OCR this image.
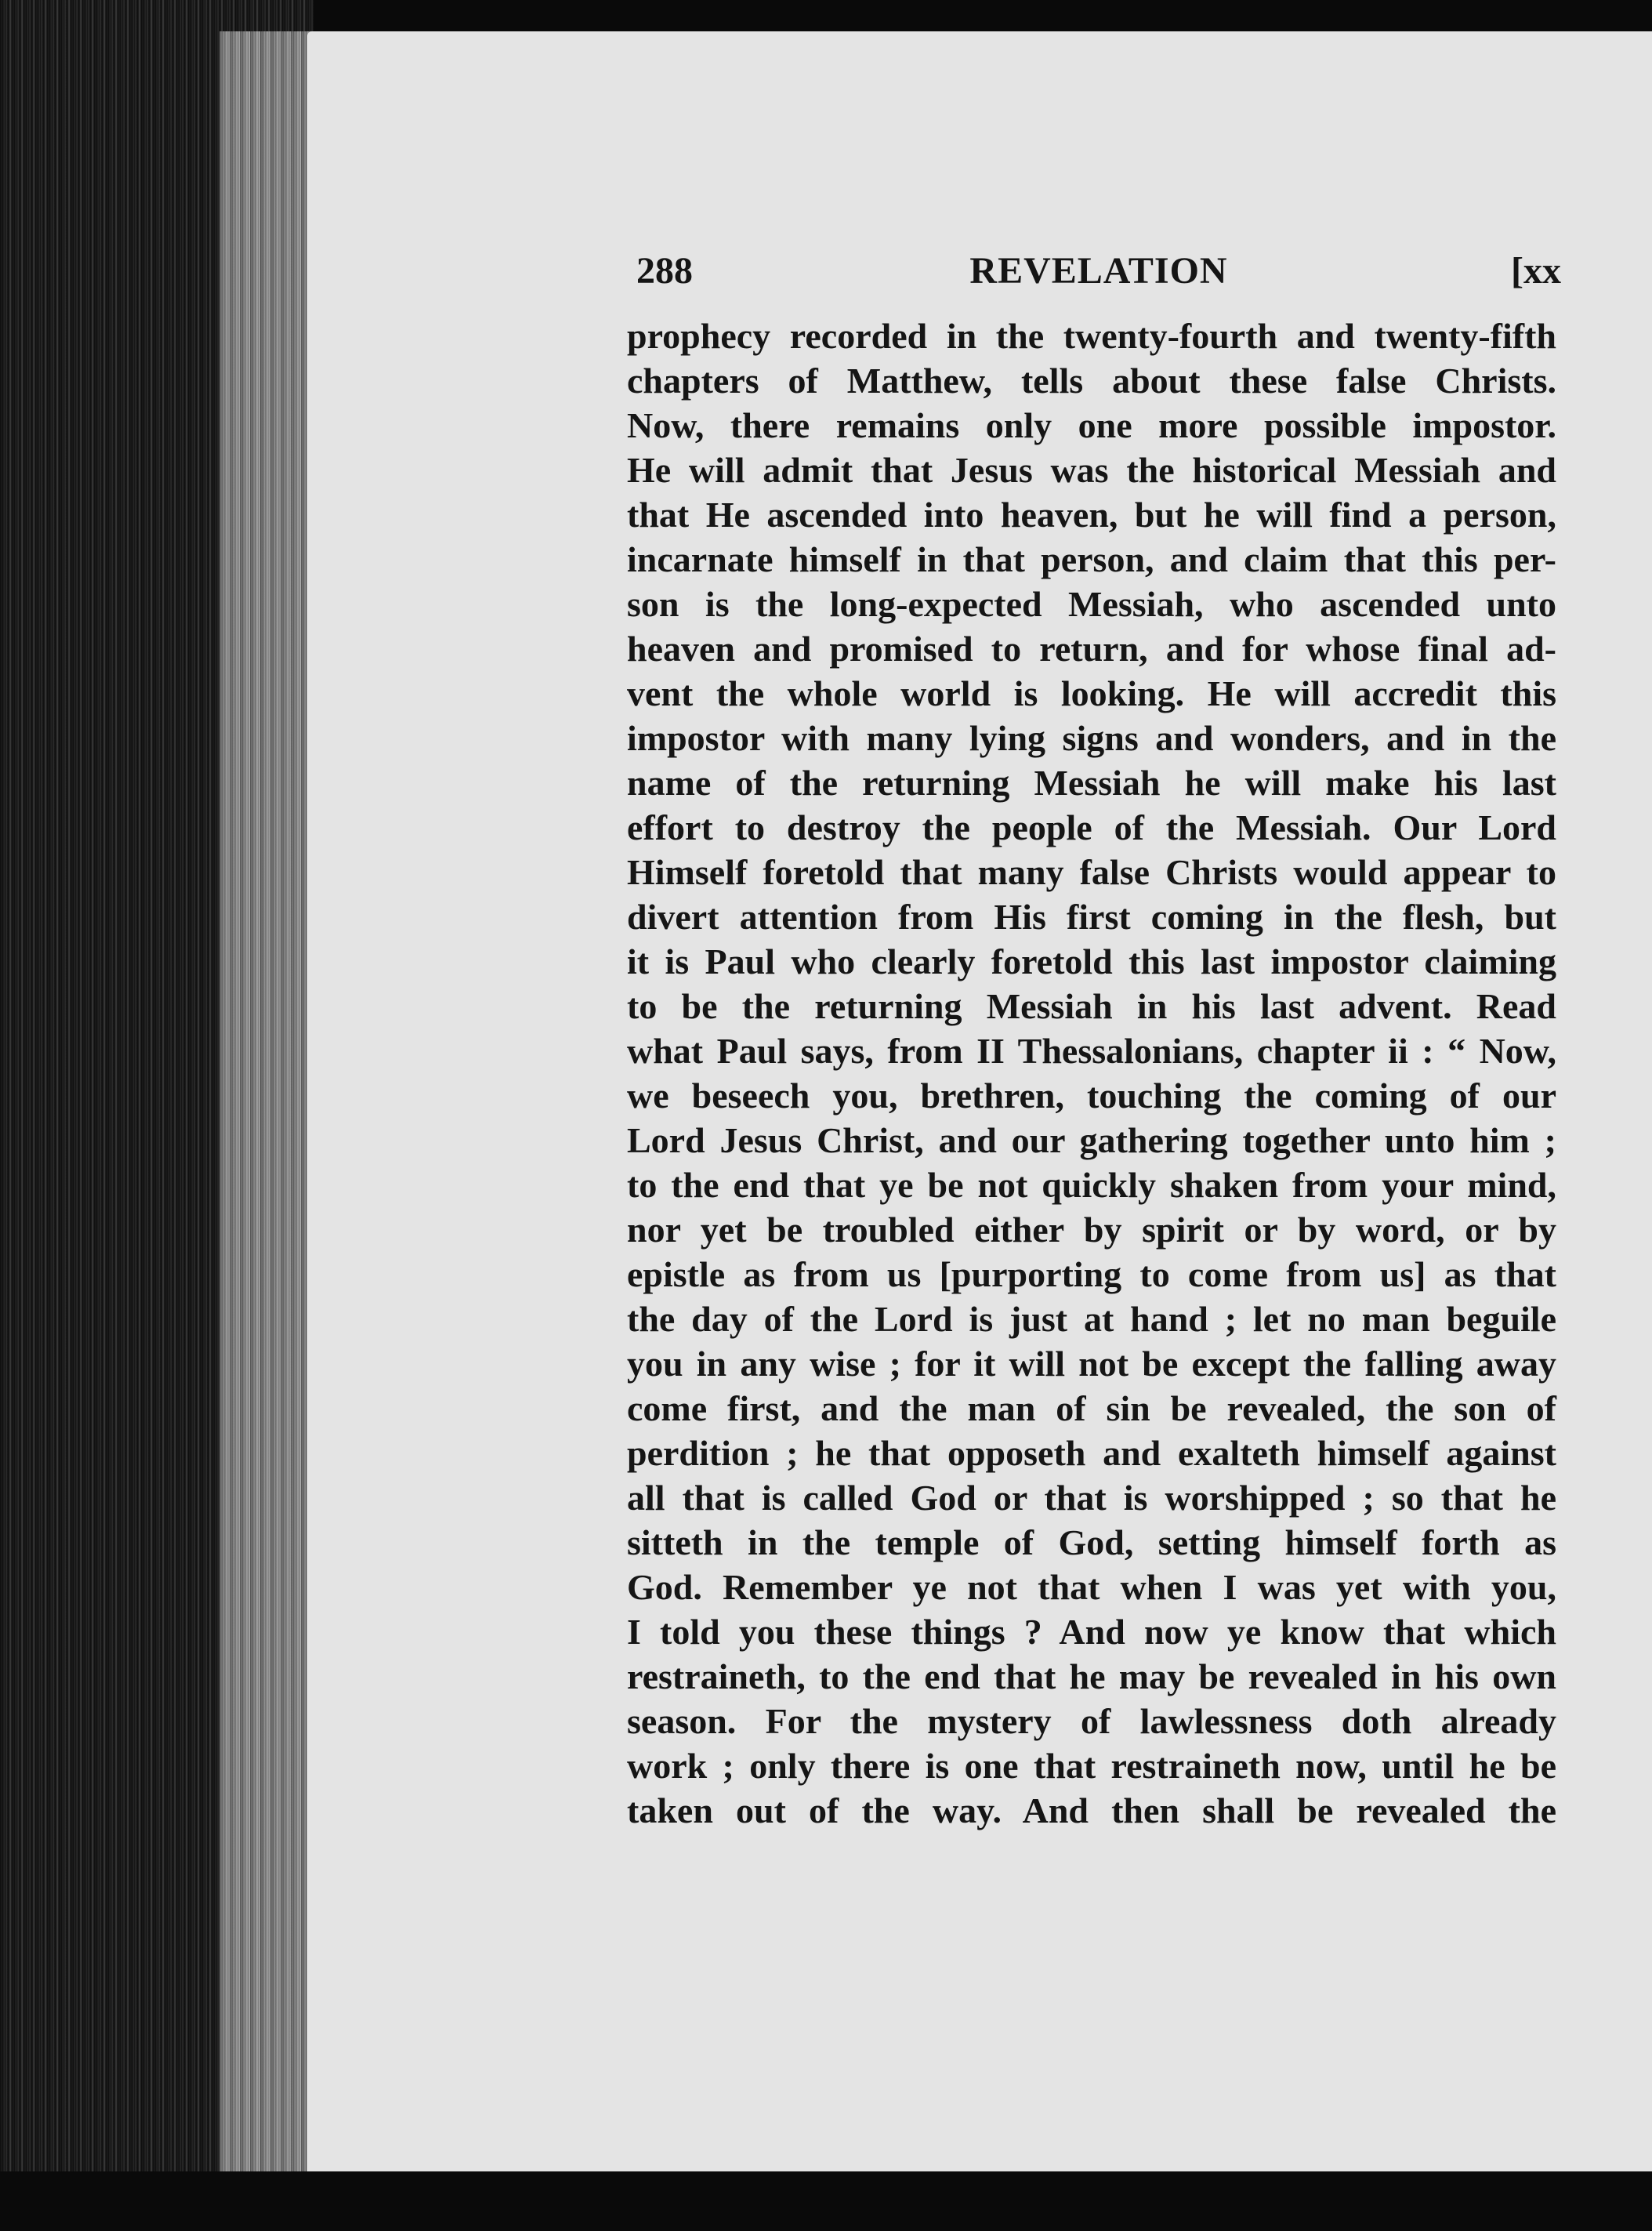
288	REVELATION	[xx
prophecy recorded in the twenty-fourth and twenty-fifth
chapters of Matthew, tells about these false Christs.
Now, there remains only one more possible impostor.
He will admit that Jesus was the historical Messiah and
that He ascended into heaven, but he will find a person,
incarnate himself in that person, and claim that this per-
son is the long-expected Messiah, who ascended unto
heaven and promised to return, and for whose final ad-
vent the whole world is looking. He will accredit this
impostor with many lying signs and wonders, and in the
name of the returning Messiah he will make his last
effort to destroy the people of the Messiah. Our Lord
Himself foretold that many false Christs would appear to
divert attention from His first coming in the flesh, but
it is Paul who clearly foretold this last impostor claiming
to be the returning Messiah in his last advent. Read
what Paul says, from II Thessalonians, chapter ii : “ Now,
we beseech you, brethren, touching the coming of our
Lord Jesus Christ, and our gathering together unto him ;
to the end that ye be not quickly shaken from your mind,
nor yet be troubled either by spirit or by word, or by
epistle as from us [purporting to come from us] as that
the day of the Lord is just at hand ; let no man beguile
you in any wise ; for it will not be except the falling away
come first, and the man of sin be revealed, the son of
perdition ; he that opposeth and exalteth himself against
all that is called God or that is worshipped ; so that he
sitteth in the temple of God, setting himself forth as
God. Remember ye not that when I was yet with you,
I told you these things ? And now ye know that which
restraineth, to the end that he may be revealed in his own
season. For the mystery of lawlessness doth already
work ; only there is one that restraineth now, until he be
taken out of the way. And then shall be revealed the
